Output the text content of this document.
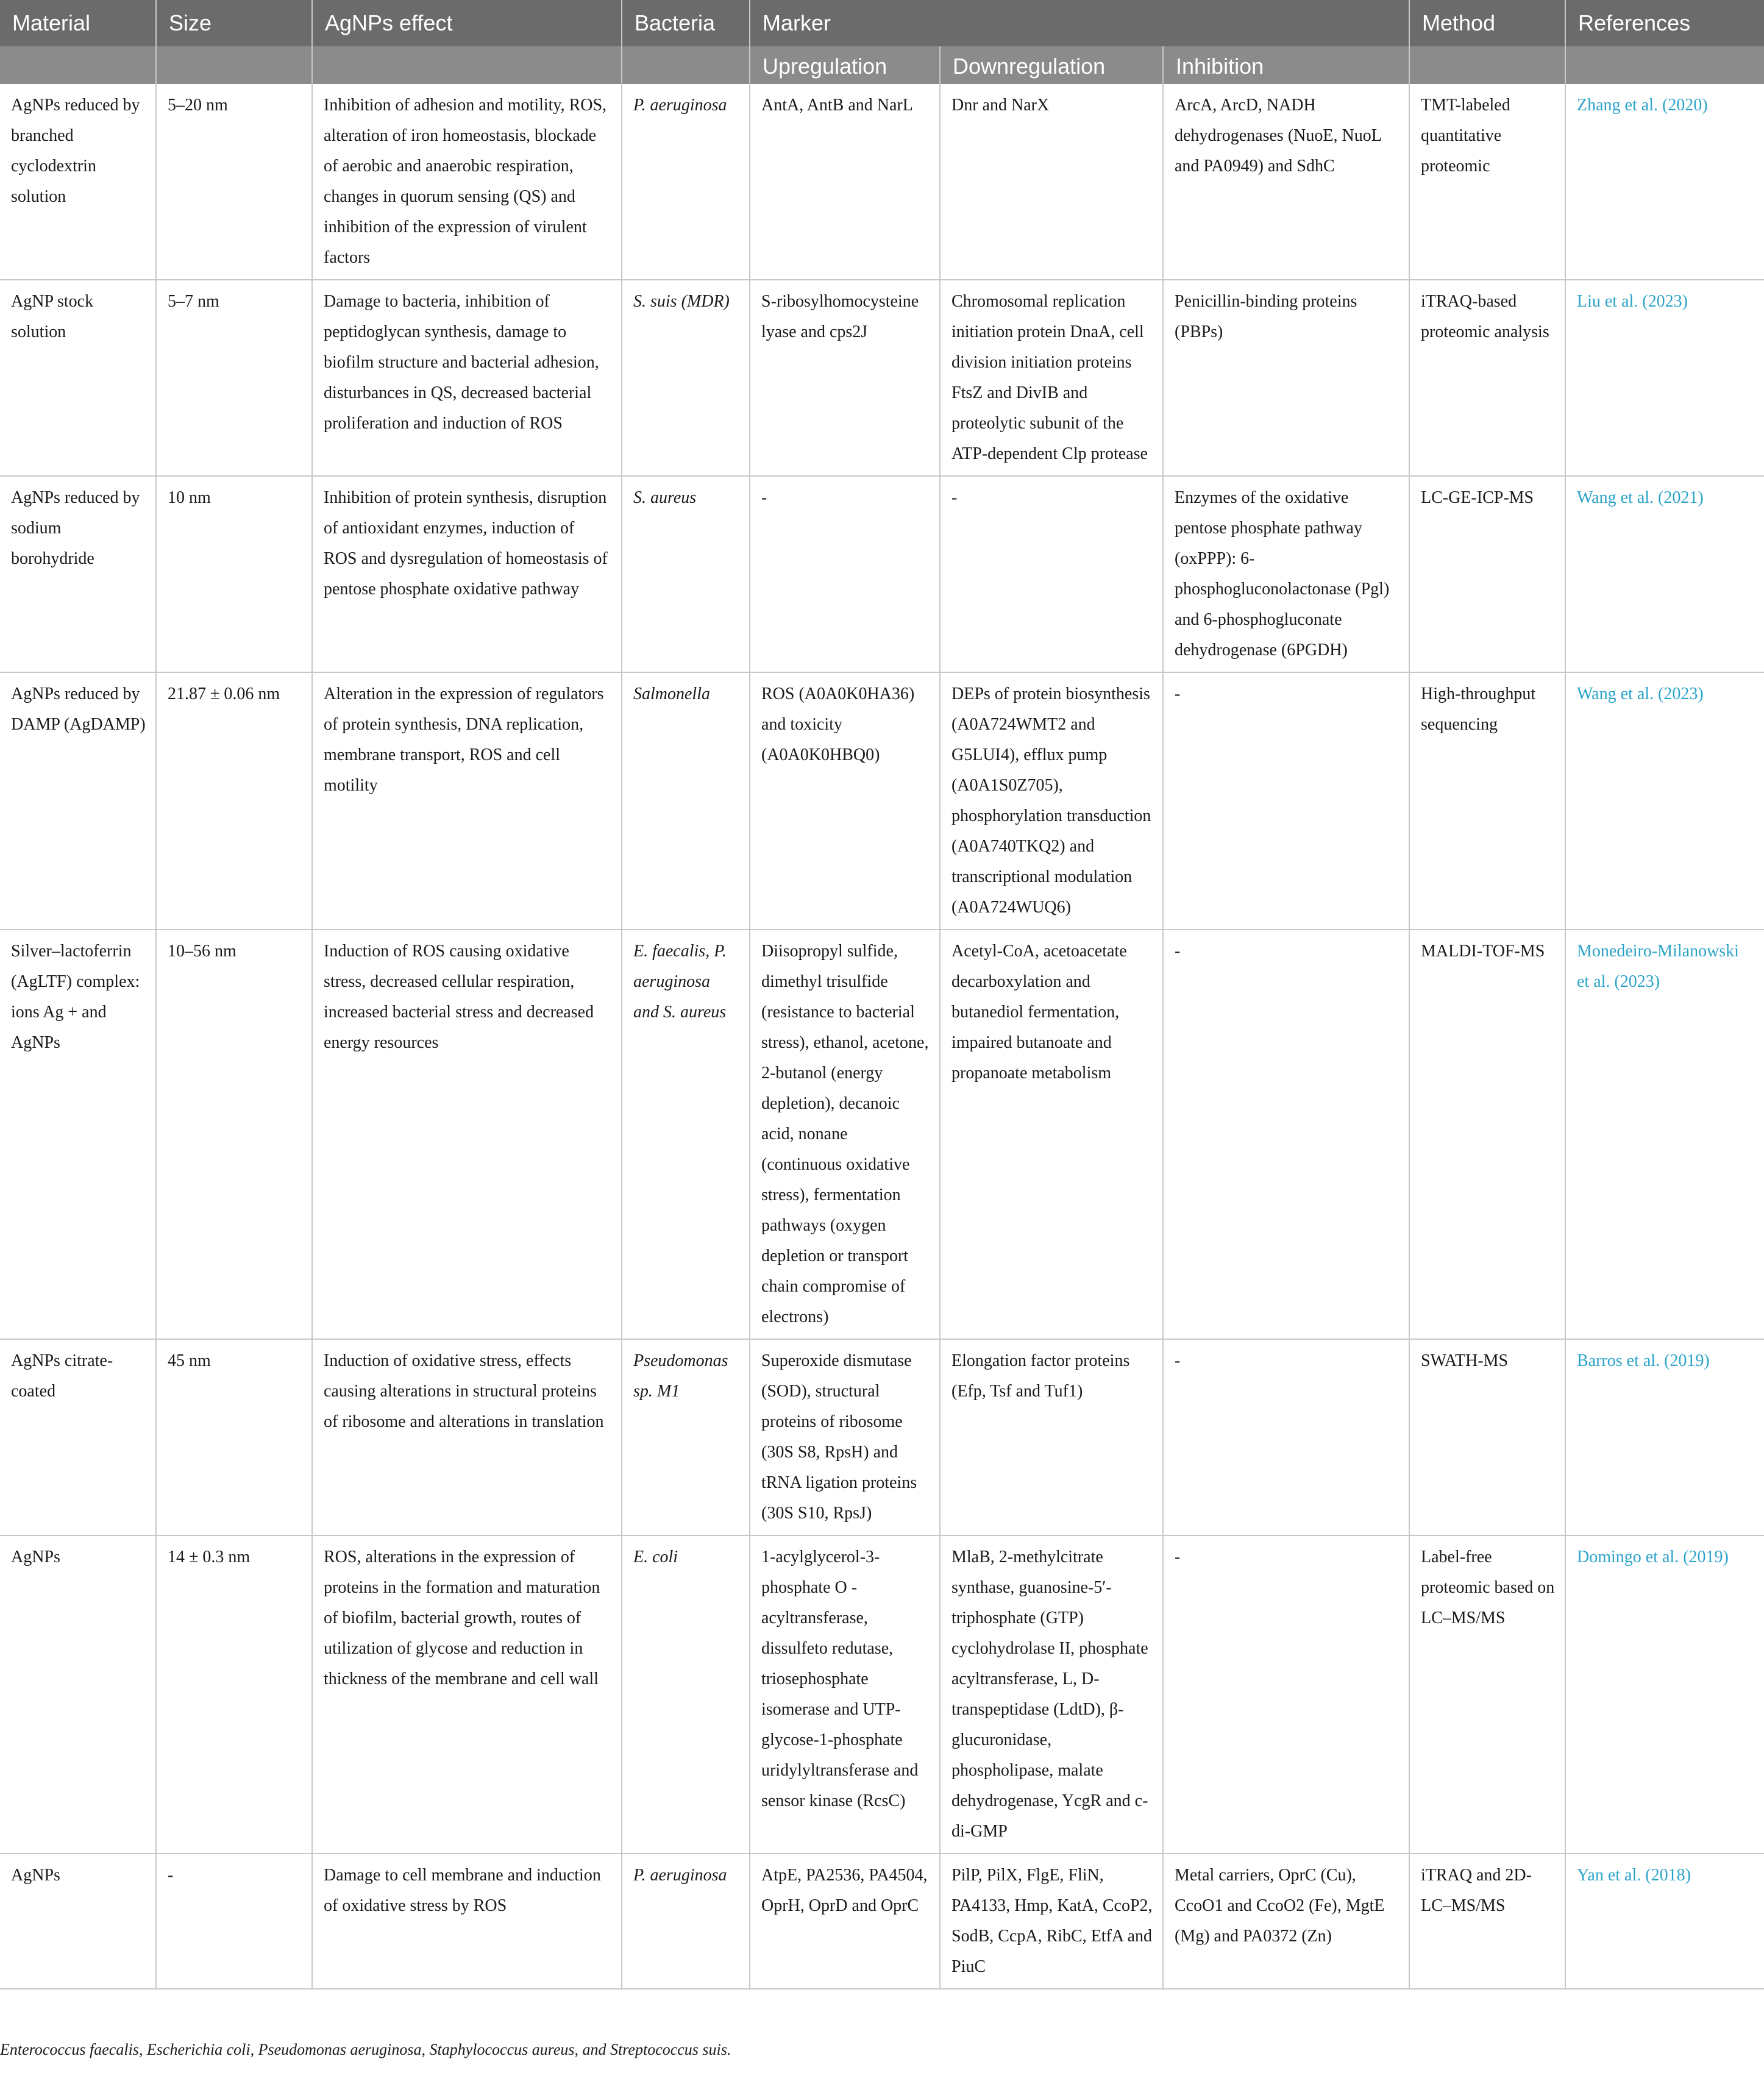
Material	Size	AgNPs effect	Bacteria	Marker			Method	References
				Upregulation	Downregulation	Inhibition		
AgNPs reduced by branched cyclodextrin solution	5–20 nm	Inhibition of adhesion and motility, ROS, alteration of iron homeostasis, blockade of aerobic and anaerobic respiration, changes in quorum sensing (QS) and inhibition of the expression of virulent factors	P. aeruginosa	AntA, AntB and NarL	Dnr and NarX	ArcA, ArcD, NADH dehydrogenases (NuoE, NuoL and PA0949) and SdhC	TMT-labeled quantitative proteomic	Zhang et al. (2020)
AgNP stock solution	5–7 nm	Damage to bacteria, inhibition of peptidoglycan synthesis, damage to biofilm structure and bacterial adhesion, disturbances in QS, decreased bacterial proliferation and induction of ROS	S. suis (MDR)	S-ribosylhomocysteine lyase and cps2J	Chromosomal replication initiation protein DnaA, cell division initiation proteins FtsZ and DivIB and proteolytic subunit of the ATP-dependent Clp protease	Penicillin-binding proteins (PBPs)	iTRAQ-based proteomic analysis	Liu et al. (2023)
AgNPs reduced by sodium borohydride	10 nm	Inhibition of protein synthesis, disruption of antioxidant enzymes, induction of ROS and dysregulation of homeostasis of pentose phosphate oxidative pathway	S. aureus	-	-	Enzymes of the oxidative pentose phosphate pathway (oxPPP): 6-phosphogluconolactonase (Pgl) and 6-phosphogluconate dehydrogenase (6PGDH)	LC-GE-ICP-MS	Wang et al. (2021)
AgNPs reduced by DAMP (AgDAMP)	21.87 ± 0.06 nm	Alteration in the expression of regulators of protein synthesis, DNA replication, membrane transport, ROS and cell motility	Salmonella	ROS (A0A0K0HA36) and toxicity (A0A0K0HBQ0)	DEPs of protein biosynthesis (A0A724WMT2 and G5LUI4), efflux pump (A0A1S0Z705), phosphorylation transduction (A0A740TKQ2) and transcriptional modulation (A0A724WUQ6)	-	High-throughput sequencing	Wang et al. (2023)
Silver–lactoferrin (AgLTF) complex: ions Ag + and AgNPs	10–56 nm	Induction of ROS causing oxidative stress, decreased cellular respiration, increased bacterial stress and decreased energy resources	E. faecalis, P. aeruginosa and S. aureus	Diisopropyl sulfide, dimethyl trisulfide (resistance to bacterial stress), ethanol, acetone, 2-butanol (energy depletion), decanoic acid, nonane (continuous oxidative stress), fermentation pathways (oxygen depletion or transport chain compromise of electrons)	Acetyl-CoA, acetoacetate decarboxylation and butanediol fermentation, impaired butanoate and propanoate metabolism	-	MALDI-TOF-MS	Monedeiro-Milanowski et al. (2023)
AgNPs citrate-coated	45 nm	Induction of oxidative stress, effects causing alterations in structural proteins of ribosome and alterations in translation	Pseudomonas sp. M1	Superoxide dismutase (SOD), structural proteins of ribosome (30S S8, RpsH) and tRNA ligation proteins (30S S10, RpsJ)	Elongation factor proteins (Efp, Tsf and Tuf1)	-	SWATH-MS	Barros et al. (2019)
AgNPs	14 ± 0.3 nm	ROS, alterations in the expression of proteins in the formation and maturation of biofilm, bacterial growth, routes of utilization of glycose and reduction in thickness of the membrane and cell wall	E. coli	1-acylglycerol-3-phosphate O -acyltransferase, dissulfeto redutase, triosephosphate isomerase and UTP-glycose-1-phosphate uridylyltransferase and sensor kinase (RcsC)	MlaB, 2-methylcitrate synthase, guanosine-5′-triphosphate (GTP) cyclohydrolase II, phosphate acyltransferase, L, D-transpeptidase (LdtD), β-glucuronidase, phospholipase, malate dehydrogenase, YcgR and c-di-GMP	-	Label-free proteomic based on LC–MS/MS	Domingo et al. (2019)
AgNPs	-	Damage to cell membrane and induction of oxidative stress by ROS	P. aeruginosa	AtpE, PA2536, PA4504, OprH, OprD and OprC	PilP, PilX, FlgE, FliN, PA4133, Hmp, KatA, CcoP2, SodB, CcpA, RibC, EtfA and PiuC	Metal carriers, OprC (Cu), CcoO1 and CcoO2 (Fe), MgtE (Mg) and PA0372 (Zn)	iTRAQ and 2D-LC–MS/MS	Yan et al. (2018)
Enterococcus faecalis, Escherichia coli, Pseudomonas aeruginosa, Staphylococcus aureus, and Streptococcus suis.
